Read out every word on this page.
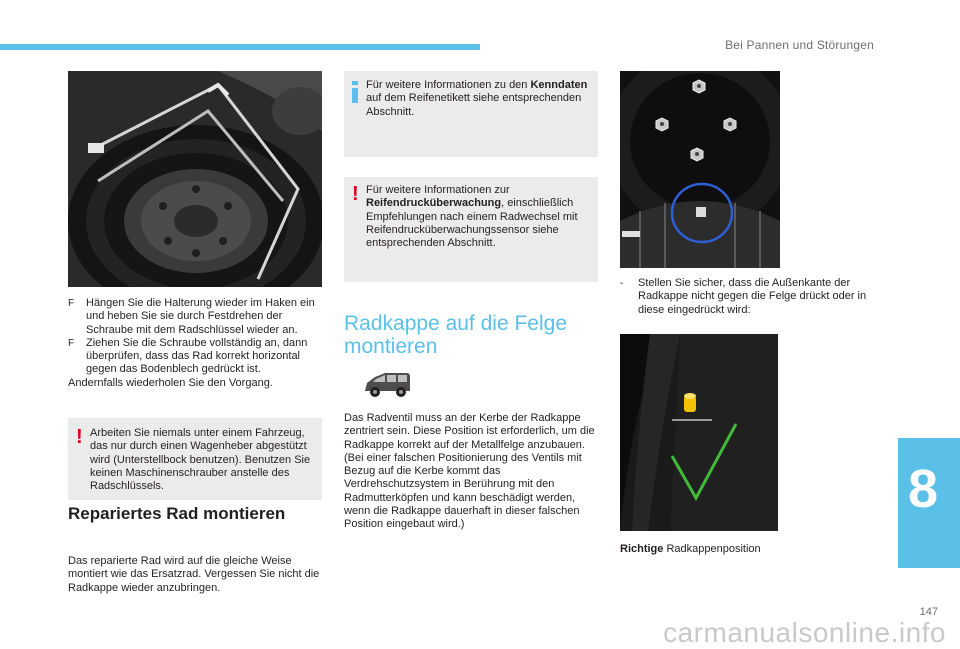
Bei Pannen und Störungen
F Hängen Sie die Halterung wieder im Haken ein und heben Sie sie durch Festdrehen der Schraube mit dem Radschlüssel wieder an.
F Ziehen Sie die Schraube vollständig an, dann überprüfen, dass das Rad korrekt horizontal gegen das Bodenblech gedrückt ist.
Andernfalls wiederholen Sie den Vorgang.
! Arbeiten Sie niemals unter einem Fahrzeug, das nur durch einen Wagenheber abgestützt wird (Unterstellbock benutzen). Benutzen Sie keinen Maschinenschrauber anstelle des Radschlüssels.
Repariertes Rad montieren
Das reparierte Rad wird auf die gleiche Weise montiert wie das Ersatzrad. Vergessen Sie nicht die Radkappe wieder anzubringen.
Für weitere Informationen zu den Kenndaten auf dem Reifenetikett siehe entsprechenden Abschnitt.
! Für weitere Informationen zur Reifendrucküberwachung, einschließlich Empfehlungen nach einem Radwechsel mit Reifendrucküberwachungssensor siehe entsprechenden Abschnitt.
Radkappe auf die Felge montieren
Das Radventil muss an der Kerbe der Radkappe zentriert sein. Diese Position ist erforderlich, um die Radkappe korrekt auf der Metallfelge anzubauen. (Bei einer falschen Positionierung des Ventils mit Bezug auf die Kerbe kommt das Verdrehschutzsystem in Berührung mit den Radmutterköpfen und kann beschädigt werden, wenn die Radkappe dauerhaft in dieser falschen Position eingebaut wird.)
- Stellen Sie sicher, dass die Außenkante der Radkappe nicht gegen die Felge drückt oder in diese eingedrückt wird:
Richtige Radkappenposition
8
147
carmanualsonline.info
